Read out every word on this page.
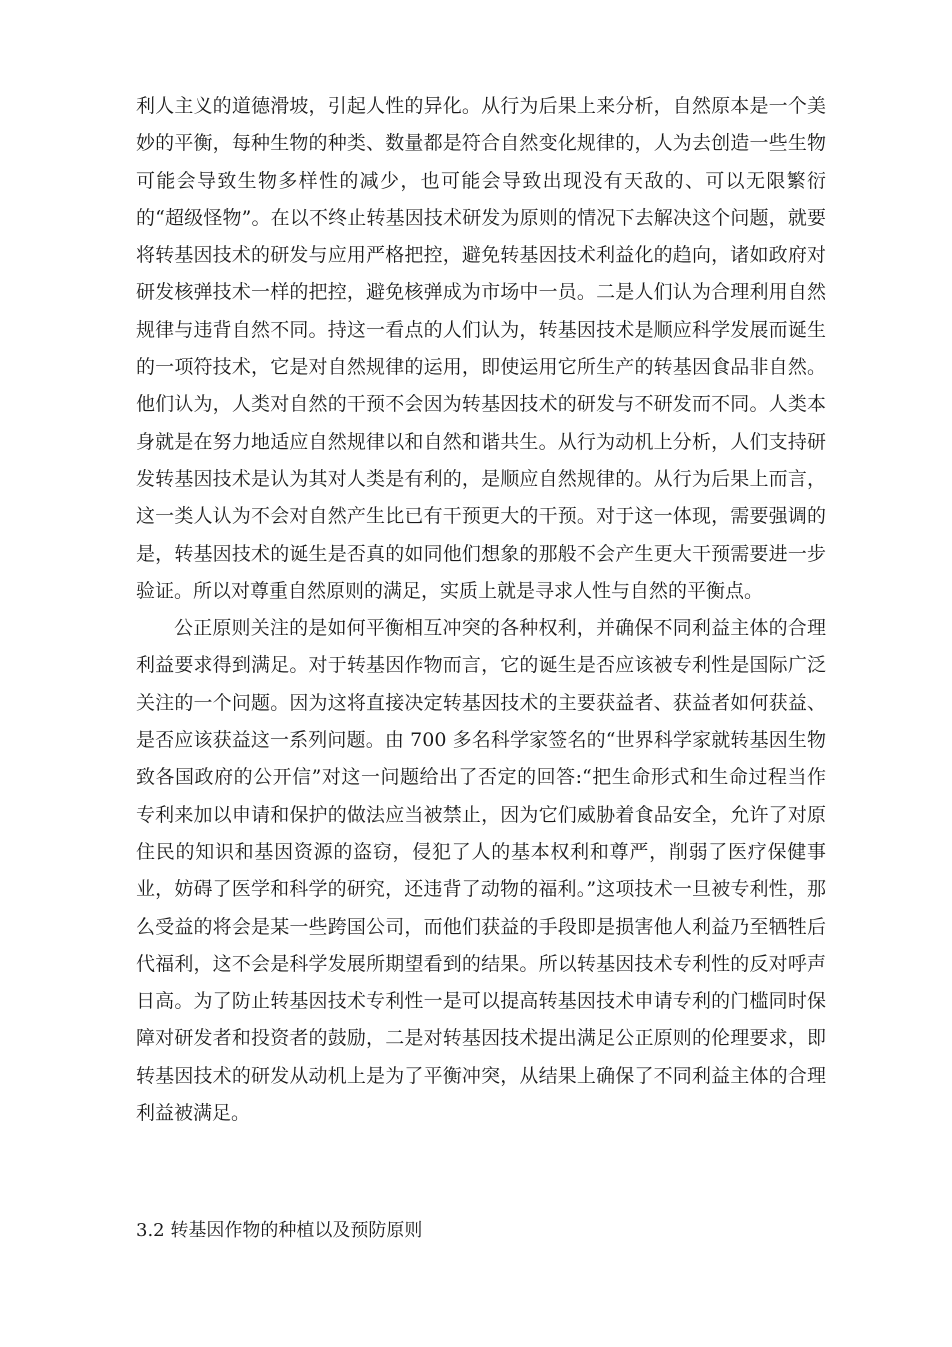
利人主义的道德滑坡，引起人性的异化。从行为后果上来分析，自然原本是一个美妙的平衡，每种生物的种类、数量都是符合自然变化规律的，人为去创造一些生物可能会导致生物多样性的减少，也可能会导致出现没有天敌的、可以无限繁衍的“超级怪物”。在以不终止转基因技术研发为原则的情况下去解决这个问题，就要将转基因技术的研发与应用严格把控，避免转基因技术利益化的趋向，诸如政府对研发核弹技术一样的把控，避免核弹成为市场中一员。二是人们认为合理利用自然规律与违背自然不同。持这一看点的人们认为，转基因技术是顺应科学发展而诞生的一项符技术，它是对自然规律的运用，即使运用它所生产的转基因食品非自然。他们认为，人类对自然的干预不会因为转基因技术的研发与不研发而不同。人类本身就是在努力地适应自然规律以和自然和谐共生。从行为动机上分析，人们支持研发转基因技术是认为其对人类是有利的，是顺应自然规律的。从行为后果上而言，这一类人认为不会对自然产生比已有干预更大的干预。对于这一体现，需要强调的是，转基因技术的诞生是否真的如同他们想象的那般不会产生更大干预需要进一步验证。所以对尊重自然原则的满足，实质上就是寻求人性与自然的平衡点。

公正原则关注的是如何平衡相互冲突的各种权利，并确保不同利益主体的合理利益要求得到满足。对于转基因作物而言，它的诞生是否应该被专利性是国际广泛关注的一个问题。因为这将直接决定转基因技术的主要获益者、获益者如何获益、是否应该获益这一系列问题。由 700 多名科学家签名的“世界科学家就转基因生物致各国政府的公开信”对这一问题给出了否定的回答:“把生命形式和生命过程当作专利来加以申请和保护的做法应当被禁止，因为它们威胁着食品安全，允许了对原住民的知识和基因资源的盗窃，侵犯了人的基本权利和尊严，削弱了医疗保健事业，妨碍了医学和科学的研究，还违背了动物的福利。”这项技术一旦被专利性，那么受益的将会是某一些跨国公司，而他们获益的手段即是损害他人利益乃至牺牲后代福利，这不会是科学发展所期望看到的结果。所以转基因技术专利性的反对呼声日高。为了防止转基因技术专利性一是可以提高转基因技术申请专利的门槛同时保障对研发者和投资者的鼓励，二是对转基因技术提出满足公正原则的伦理要求，即转基因技术的研发从动机上是为了平衡冲突，从结果上确保了不同利益主体的合理利益被满足。

3.2 转基因作物的种植以及预防原则
